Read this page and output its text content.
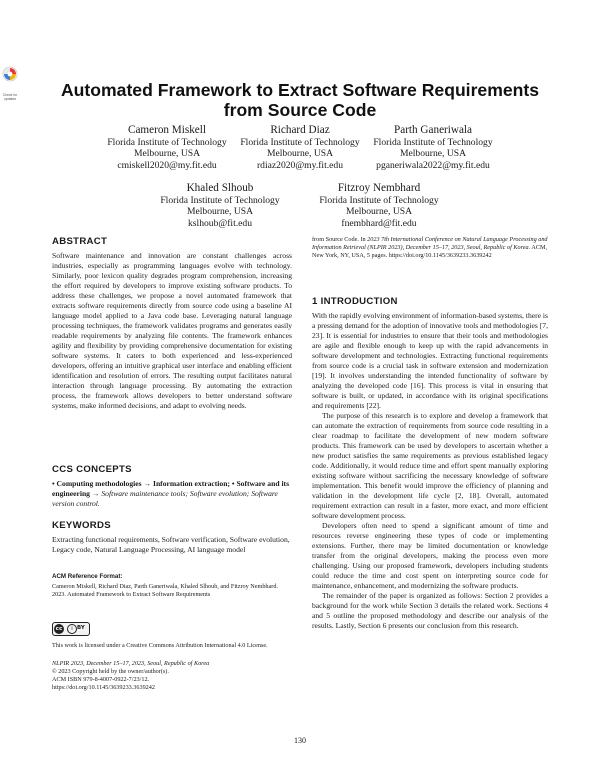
Check for updates	Automated Framework to Extract Software Requirements from Source Code
Cameron Miskell
Florida Institute of Technology
Melbourne, USA
cmiskell2020@my.fit.edu
Richard Diaz
Florida Institute of Technology
Melbourne, USA
rdiaz2020@my.fit.edu
Parth Ganeriwala
Florida Institute of Technology
Melbourne, USA
pganeriwala2022@my.fit.edu
Khaled Slhoub
Florida Institute of Technology
Melbourne, USA
kslhoub@fit.edu
Fitzroy Nembhard
Florida Institute of Technology
Melbourne, USA
fnembhard@fit.edu
ABSTRACT

Software maintenance and innovation are constant challenges across industries, especially as programming languages evolve with technology. Similarly, poor lexicon quality degrades program comprehension, increasing the effort required by developers to improve existing software products. To address these challenges, we propose a novel automated framework that extracts software requirements directly from source code using a baseline AI language model applied to a Java code base. Leveraging natural language processing techniques, the framework validates programs and generates easily readable requirements by analyzing file contents. The framework enhances agility and flexibility by providing comprehensive documentation for existing software systems. It caters to both experienced and less-experienced developers, offering an intuitive graphical user interface and enabling efficient identification and resolution of errors. The resulting output facilitates natural interaction through language processing. By automating the extraction process, the framework allows developers to better understand software systems, make informed decisions, and adapt to evolving needs.

CCS CONCEPTS

• Computing methodologies → Information extraction; • Software and its engineering → Software maintenance tools; Software evolution; Software version control.

KEYWORDS

Extracting functional requirements, Software verification, Software evolution, Legacy code, Natural Language Processing, AI language model

ACM Reference Format:

Cameron Miskell, Richard Diaz, Parth Ganeriwala, Khaled Slhoub, and Fitzroy Nembhard. 2023. Automated Framework to Extract Software Requirements

cc	i BY

This work is licensed under a Creative Commons Attribution International 4.0 License.

NLPIR 2023, December 15–17, 2023, Seoul, Republic of Korea

© 2023 Copyright held by the owner/author(s).

ACM ISBN 979-8-4007-0922-7/23/12.

https://doi.org/10.1145/3639233.3639242

from Source Code. In 2023 7th International Conference on Natural Language Processing and Information Retrieval (NLPIR 2023), December 15–17, 2023, Seoul, Republic of Korea. ACM, New York, NY, USA, 5 pages. https://doi.org/10.1145/3639233.3639242

1 INTRODUCTION

With the rapidly evolving environment of information-based systems, there is a pressing demand for the adoption of innovative tools and methodologies [7, 23]. It is essential for industries to ensure that their tools and methodologies are agile and flexible enough to keep up with the rapid advancements in software development and technologies. Extracting functional requirements from source code is a crucial task in software extension and modernization [19]. It involves understanding the intended functionality of software by analyzing the developed code [16]. This process is vital in ensuring that software is built, or updated, in accordance with its original specifications and requirements [22].

The purpose of this research is to explore and develop a framework that can automate the extraction of requirements from source code resulting in a clear roadmap to facilitate the development of new modern software products. This framework can be used by developers to ascertain whether a new product satisfies the same requirements as previous established legacy code. Additionally, it would reduce time and effort spent manually exploring existing software without sacrificing the necessary knowledge of software implementation. This benefit would improve the efficiency of planning and validation in the development life cycle [2, 18]. Overall, automated requirement extraction can result in a faster, more exact, and more efficient software development process.

Developers often need to spend a significant amount of time and resources reverse engineering these types of code or implementing extensions. Further, there may be limited documentation or knowledge transfer from the original developers, making the process even more challenging. Using our proposed framework, developers including students could reduce the time and cost spent on interpreting source code for maintenance, enhancement, and modernizing the software products.

The remainder of the paper is organized as follows: Section 2 provides a background for the work while Section 3 details the related work. Sections 4 and 5 outline the proposed methodology and describe our analysis of the results. Lastly, Section 6 presents our conclusion from this research.

130
